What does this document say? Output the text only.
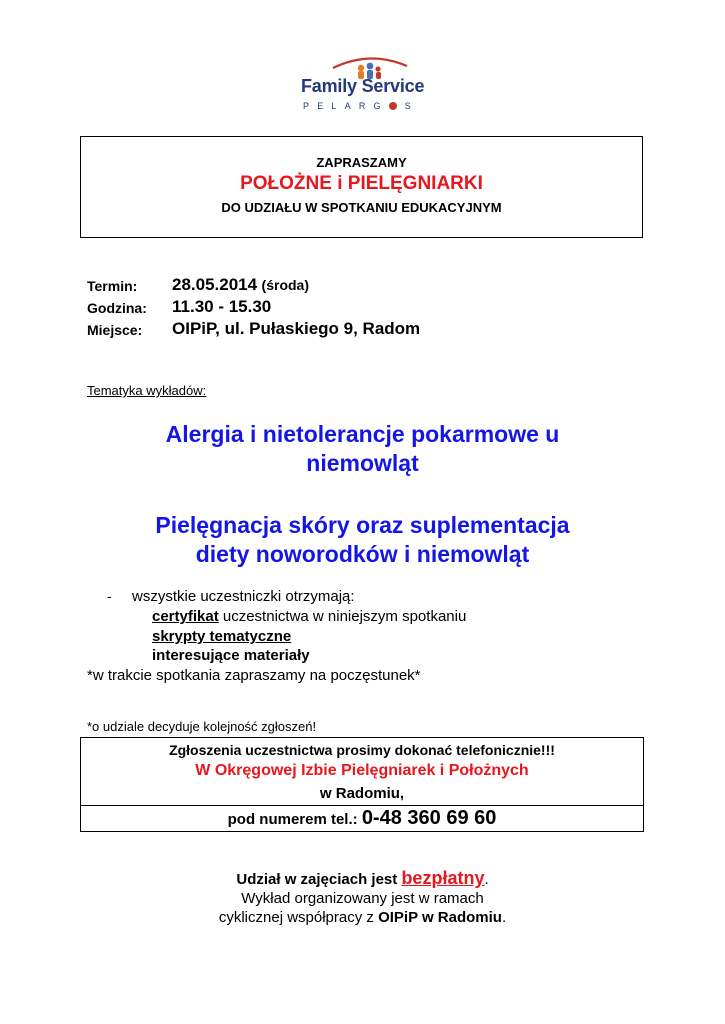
Family Service
PELARG S
ZAPRASZAMY
POŁOŻNE i PIELĘGNIARKI
DO UDZIAŁU W SPOTKANIU EDUKACYJNYM
Termin: 28.05.2014 (środa)
Godzina: 11.30 - 15.30
Miejsce: OIPiP, ul. Pułaskiego 9, Radom
Tematyka wykładów:
Alergia i nietolerancje pokarmowe u
niemowląt
Pielęgnacja skóry oraz suplementacja
diety noworodków i niemowląt
- wszystkie uczestniczki otrzymają:
certyfikat uczestnictwa w niniejszym spotkaniu
skrypty tematyczne
interesujące materiały
*w trakcie spotkania zapraszamy na poczęstunek*
*o udziale decyduje kolejność zgłoszeń!
Zgłoszenia uczestnictwa prosimy dokonać telefonicznie!!!
W Okręgowej Izbie Pielęgniarek i Położnych
w Radomiu,
pod numerem tel.: 0-48 360 69 60
Udział w zajęciach jest bezpłatny.
Wykład organizowany jest w ramach
cyklicznej współpracy z OIPiP w Radomiu.
